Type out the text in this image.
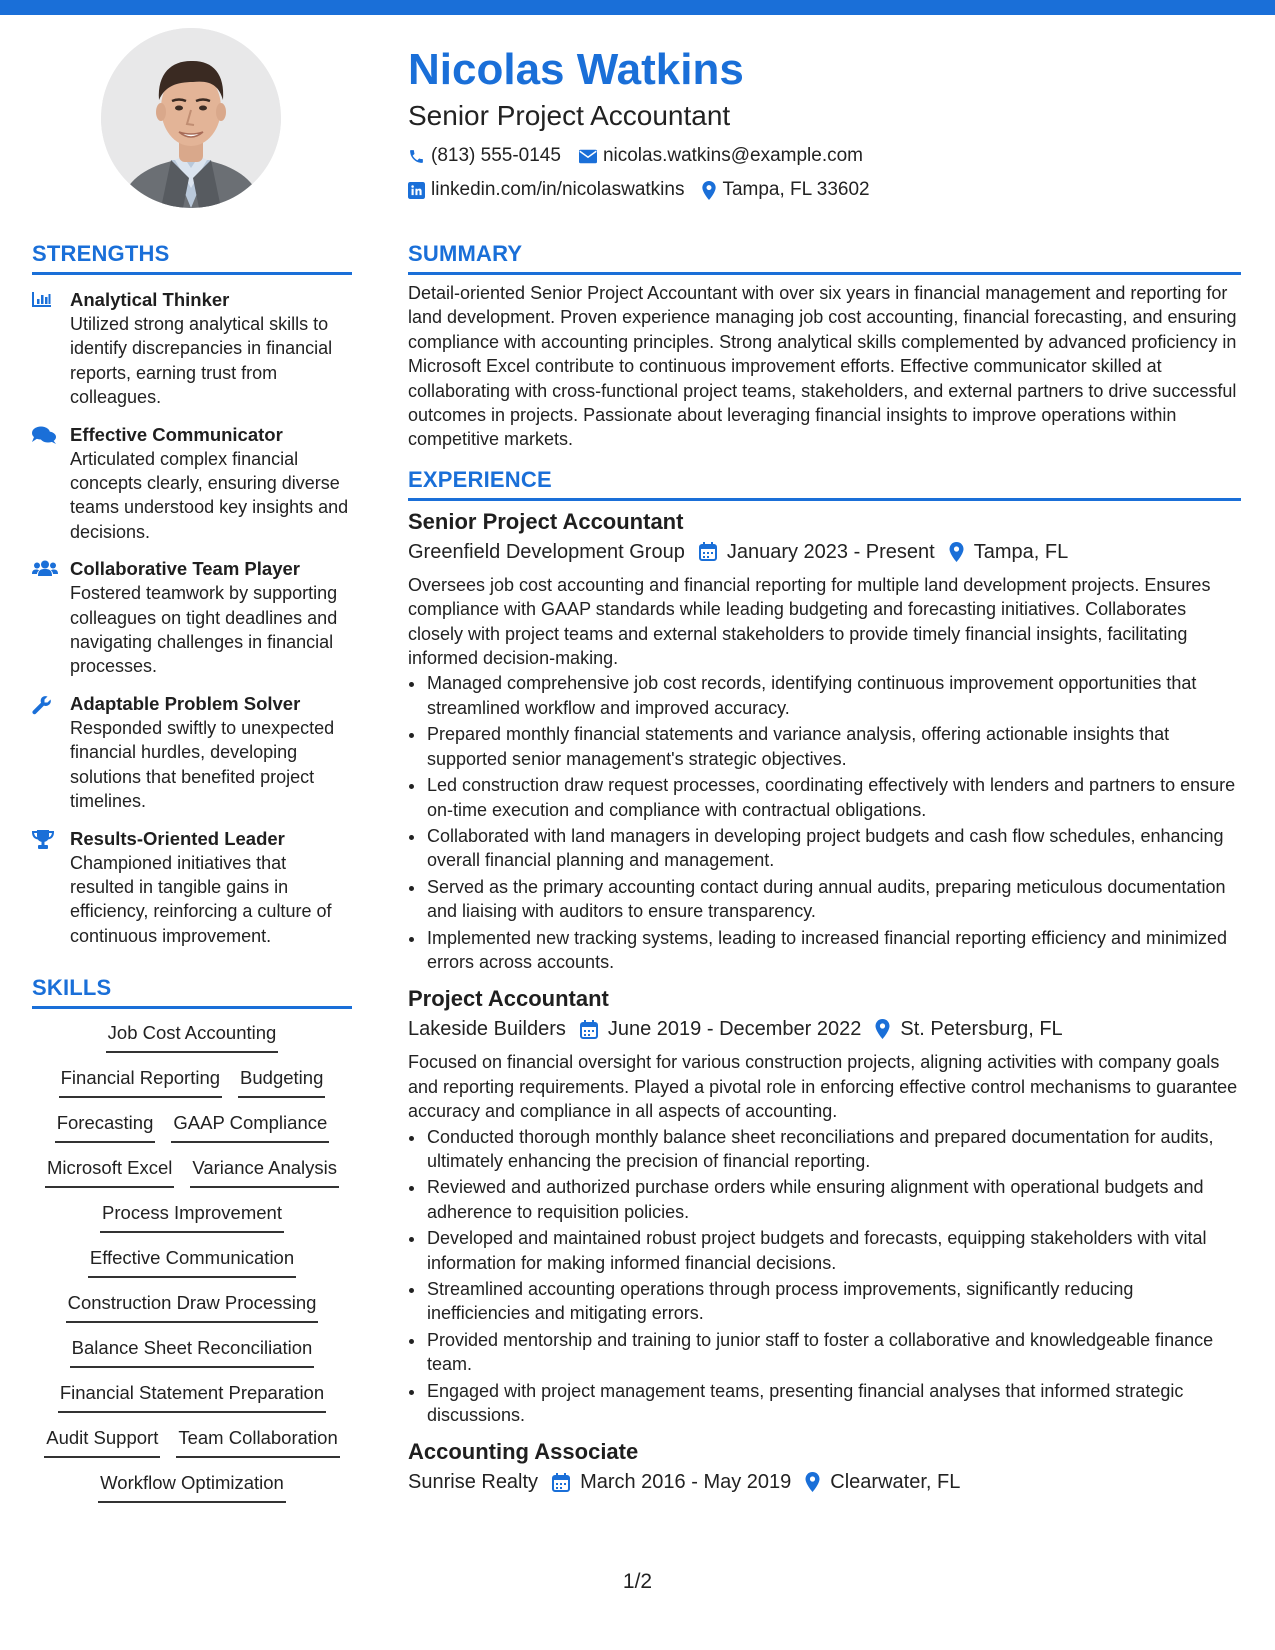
Nicolas Watkins
Senior Project Accountant
(813) 555-0145 nicolas.watkins@example.com
linkedin.com/in/nicolaswatkins Tampa, FL 33602
STRENGTHS
Analytical Thinker
Utilized strong analytical skills to identify discrepancies in financial reports, earning trust from colleagues.
Effective Communicator
Articulated complex financial concepts clearly, ensuring diverse teams understood key insights and decisions.
Collaborative Team Player
Fostered teamwork by supporting colleagues on tight deadlines and navigating challenges in financial processes.
Adaptable Problem Solver
Responded swiftly to unexpected financial hurdles, developing solutions that benefited project timelines.
Results-Oriented Leader
Championed initiatives that resulted in tangible gains in efficiency, reinforcing a culture of continuous improvement.
SKILLS
Job Cost Accounting
Financial Reporting Budgeting
Forecasting GAAP Compliance
Microsoft Excel Variance Analysis
Process Improvement
Effective Communication
Construction Draw Processing
Balance Sheet Reconciliation
Financial Statement Preparation
Audit Support Team Collaboration
Workflow Optimization
SUMMARY
Detail-oriented Senior Project Accountant with over six years in financial management and reporting for land development. Proven experience managing job cost accounting, financial forecasting, and ensuring compliance with accounting principles. Strong analytical skills complemented by advanced proficiency in Microsoft Excel contribute to continuous improvement efforts. Effective communicator skilled at collaborating with cross-functional project teams, stakeholders, and external partners to drive successful outcomes in projects. Passionate about leveraging financial insights to improve operations within competitive markets.
EXPERIENCE
Senior Project Accountant
Greenfield Development Group January 2023 - Present Tampa, FL
Oversees job cost accounting and financial reporting for multiple land development projects. Ensures compliance with GAAP standards while leading budgeting and forecasting initiatives. Collaborates closely with project teams and external stakeholders to provide timely financial insights, facilitating informed decision-making.
• Managed comprehensive job cost records, identifying continuous improvement opportunities that streamlined workflow and improved accuracy.
• Prepared monthly financial statements and variance analysis, offering actionable insights that supported senior management's strategic objectives.
• Led construction draw request processes, coordinating effectively with lenders and partners to ensure on-time execution and compliance with contractual obligations.
• Collaborated with land managers in developing project budgets and cash flow schedules, enhancing overall financial planning and management.
• Served as the primary accounting contact during annual audits, preparing meticulous documentation and liaising with auditors to ensure transparency.
• Implemented new tracking systems, leading to increased financial reporting efficiency and minimized errors across accounts.
Project Accountant
Lakeside Builders June 2019 - December 2022 St. Petersburg, FL
Focused on financial oversight for various construction projects, aligning activities with company goals and reporting requirements. Played a pivotal role in enforcing effective control mechanisms to guarantee accuracy and compliance in all aspects of accounting.
• Conducted thorough monthly balance sheet reconciliations and prepared documentation for audits, ultimately enhancing the precision of financial reporting.
• Reviewed and authorized purchase orders while ensuring alignment with operational budgets and adherence to requisition policies.
• Developed and maintained robust project budgets and forecasts, equipping stakeholders with vital information for making informed financial decisions.
• Streamlined accounting operations through process improvements, significantly reducing inefficiencies and mitigating errors.
• Provided mentorship and training to junior staff to foster a collaborative and knowledgeable finance team.
• Engaged with project management teams, presenting financial analyses that informed strategic discussions.
Accounting Associate
Sunrise Realty March 2016 - May 2019 Clearwater, FL
1/2
